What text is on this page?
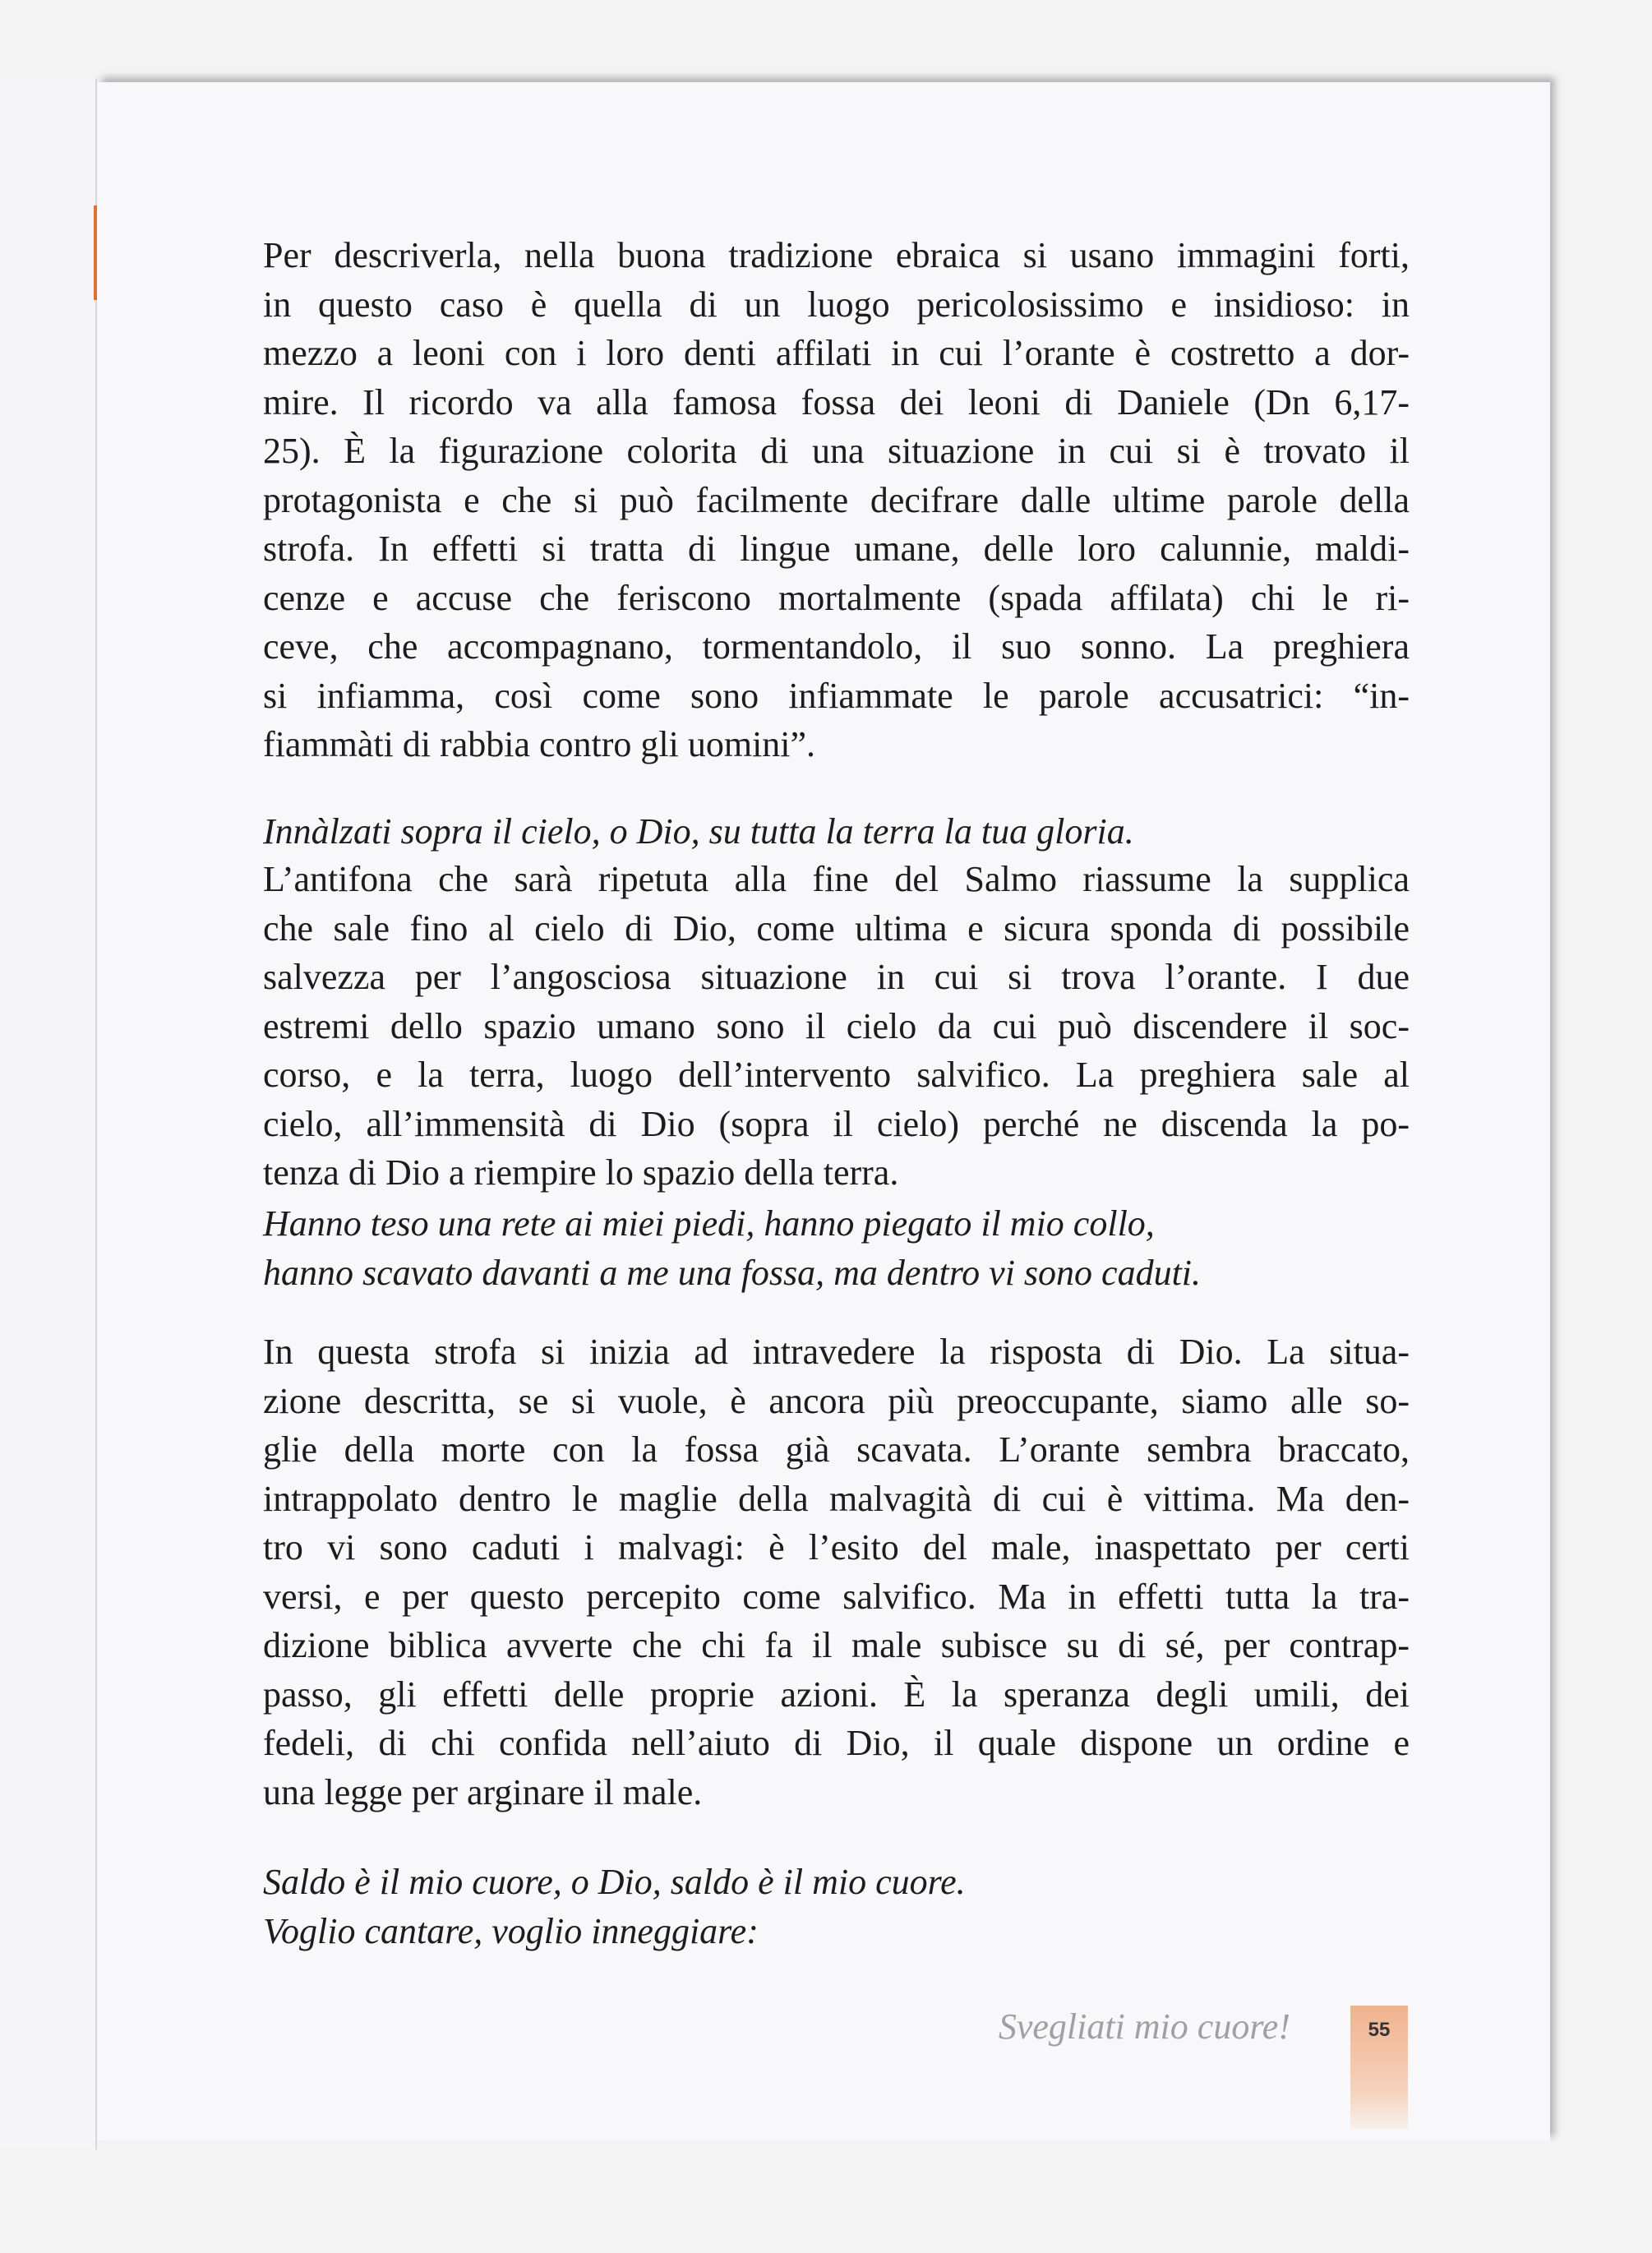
Per descriverla, nella buona tradizione ebraica si usano immagini forti,
in questo caso è quella di un luogo pericolosissimo e insidioso: in
mezzo a leoni con i loro denti affilati in cui l’orante è costretto a dor-
mire. Il ricordo va alla famosa fossa dei leoni di Daniele (Dn 6,17-
25). È la figurazione colorita di una situazione in cui si è trovato il
protagonista e che si può facilmente decifrare dalle ultime parole della
strofa. In effetti si tratta di lingue umane, delle loro calunnie, maldi-
cenze e accuse che feriscono mortalmente (spada affilata) chi le ri-
ceve, che accompagnano, tormentandolo, il suo sonno. La preghiera
si infiamma, così come sono infiammate le parole accusatrici: “in-
fiammàti di rabbia contro gli uomini”.
Innàlzati sopra il cielo, o Dio, su tutta la terra la tua gloria.
L’antifona che sarà ripetuta alla fine del Salmo riassume la supplica
che sale fino al cielo di Dio, come ultima e sicura sponda di possibile
salvezza per l’angosciosa situazione in cui si trova l’orante. I due
estremi dello spazio umano sono il cielo da cui può discendere il soc-
corso, e la terra, luogo dell’intervento salvifico. La preghiera sale al
cielo, all’immensità di Dio (sopra il cielo) perché ne discenda la po-
tenza di Dio a riempire lo spazio della terra.
Hanno teso una rete ai miei piedi, hanno piegato il mio collo,
hanno scavato davanti a me una fossa, ma dentro vi sono caduti.
In questa strofa si inizia ad intravedere la risposta di Dio. La situa-
zione descritta, se si vuole, è ancora più preoccupante, siamo alle so-
glie della morte con la fossa già scavata. L’orante sembra braccato,
intrappolato dentro le maglie della malvagità di cui è vittima. Ma den-
tro vi sono caduti i malvagi: è l’esito del male, inaspettato per certi
versi, e per questo percepito come salvifico. Ma in effetti tutta la tra-
dizione biblica avverte che chi fa il male subisce su di sé, per contrap-
passo, gli effetti delle proprie azioni. È la speranza degli umili, dei
fedeli, di chi confida nell’aiuto di Dio, il quale dispone un ordine e
una legge per arginare il male.
Saldo è il mio cuore, o Dio, saldo è il mio cuore.
Voglio cantare, voglio inneggiare:
Svegliati mio cuore!	55
